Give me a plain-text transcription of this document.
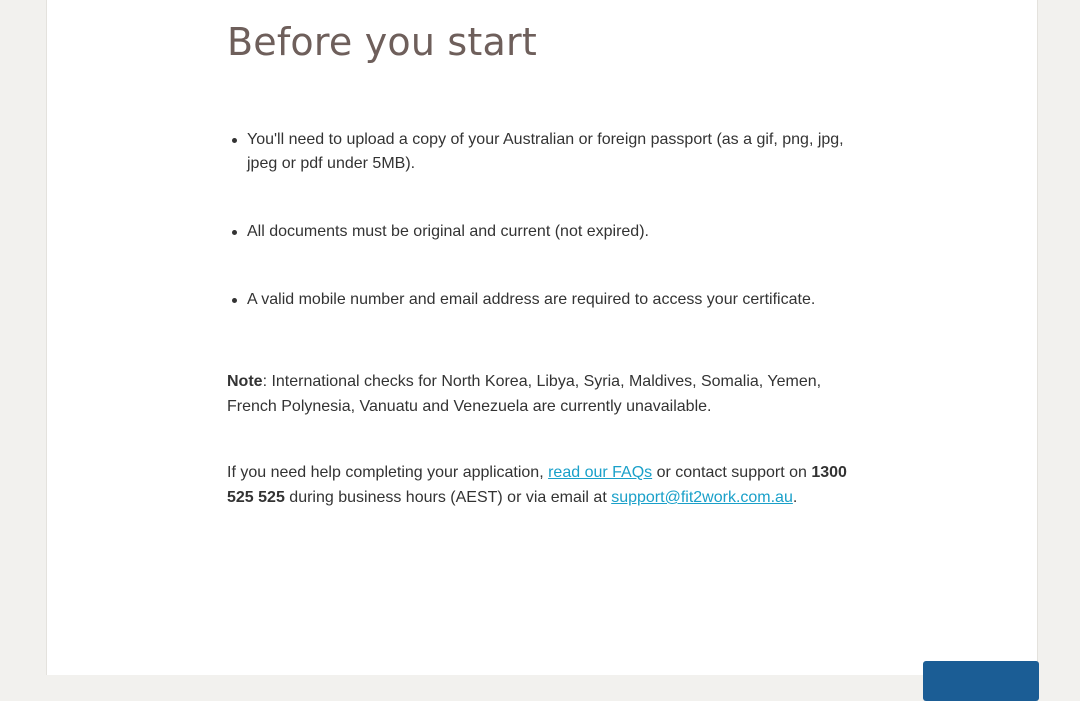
Before you start
You'll need to upload a copy of your Australian or foreign passport (as a gif, png, jpg, jpeg or pdf under 5MB).
All documents must be original and current (not expired).
A valid mobile number and email address are required to access your certificate.

Note: International checks for North Korea, Libya, Syria, Maldives, Somalia, Yemen, French Polynesia, Vanuatu and Venezuela are currently unavailable.

If you need help completing your application, read our FAQs or contact support on 1300 525 525 during business hours (AEST) or via email at support@fit2work.com.au.
